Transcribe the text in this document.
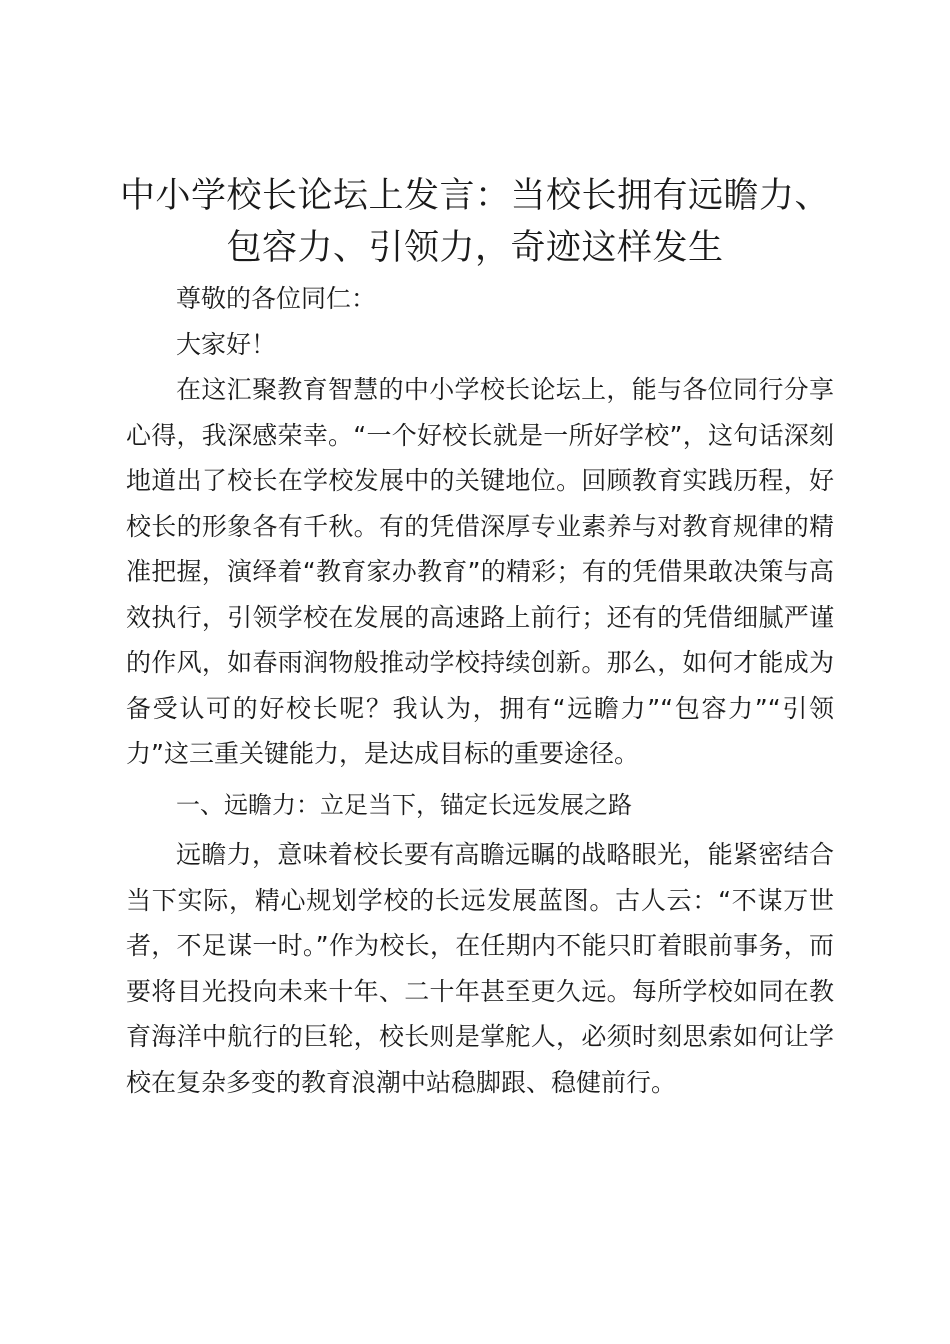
中小学校长论坛上发言：当校长拥有远瞻力、
包容力、引领力，奇迹这样发生

尊敬的各位同仁：

大家好！

在这汇聚教育智慧的中小学校长论坛上，能与各位同行分享心得，我深感荣幸。“一个好校长就是一所好学校”，这句话深刻地道出了校长在学校发展中的关键地位。回顾教育实践历程，好校长的形象各有千秋。有的凭借深厚专业素养与对教育规律的精准把握，演绎着“教育家办教育”的精彩；有的凭借果敢决策与高效执行，引领学校在发展的高速路上前行；还有的凭借细腻严谨的作风，如春雨润物般推动学校持续创新。那么，如何才能成为备受认可的好校长呢？我认为，拥有“远瞻力”“包容力”“引领力”这三重关键能力，是达成目标的重要途径。

一、远瞻力：立足当下，锚定长远发展之路

远瞻力，意味着校长要有高瞻远瞩的战略眼光，能紧密结合当下实际，精心规划学校的长远发展蓝图。古人云：“不谋万世者，不足谋一时。”作为校长，在任期内不能只盯着眼前事务，而要将目光投向未来十年、二十年甚至更久远。每所学校如同在教育海洋中航行的巨轮，校长则是掌舵人，必须时刻思索如何让学校在复杂多变的教育浪潮中站稳脚跟、稳健前行。
